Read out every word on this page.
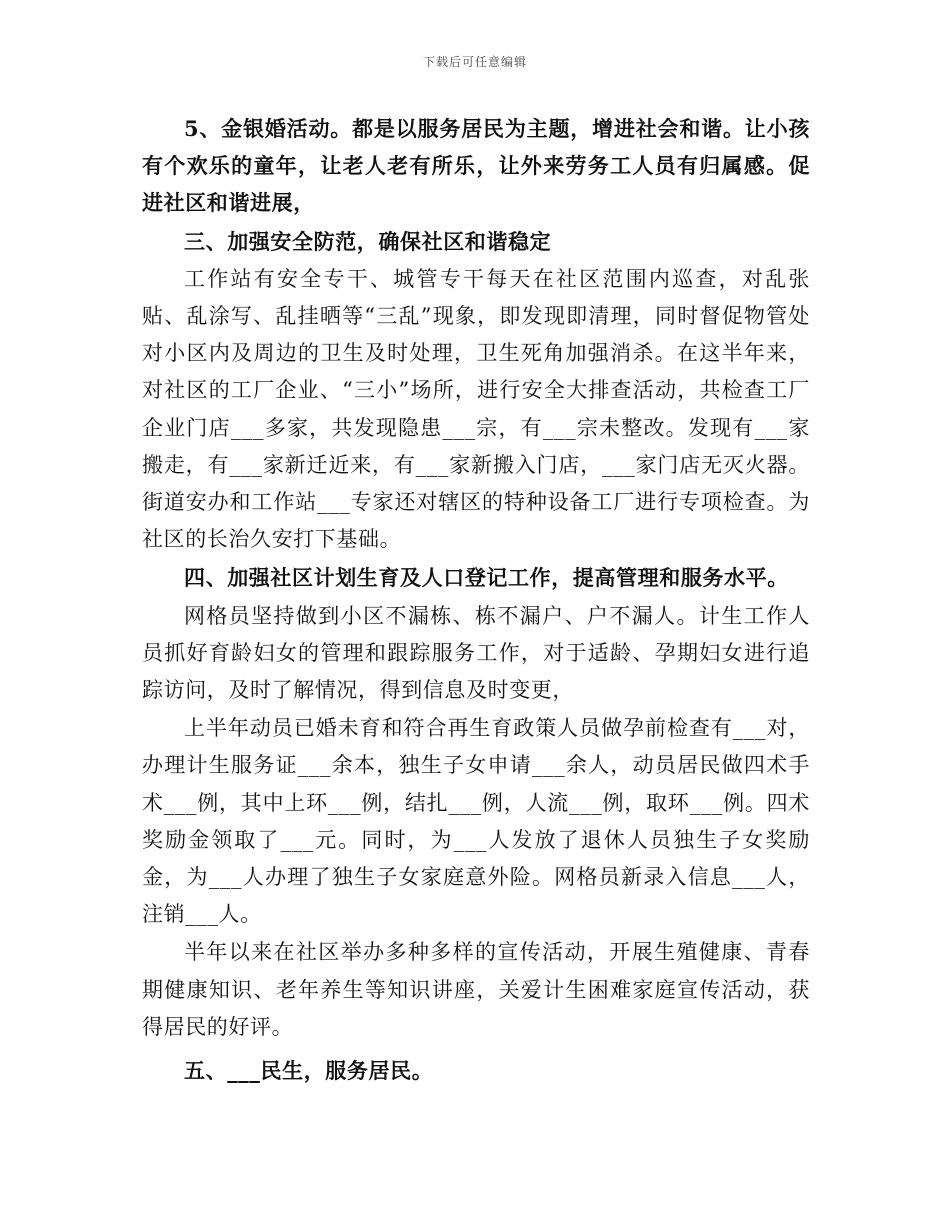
下载后可任意编辑

5、金银婚活动。都是以服务居民为主题，增进社会和谐。让小孩有个欢乐的童年，让老人老有所乐，让外来劳务工人员有归属感。促进社区和谐进展，

三、加强安全防范，确保社区和谐稳定

工作站有安全专干、城管专干每天在社区范围内巡查，对乱张贴、乱涂写、乱挂晒等“三乱”现象，即发现即清理，同时督促物管处对小区内及周边的卫生及时处理，卫生死角加强消杀。在这半年来，对社区的工厂企业、“三小”场所，进行安全大排查活动，共检查工厂企业门店___多家，共发现隐患___宗，有___宗未整改。发现有___家搬走，有___家新迁近来，有___家新搬入门店，___家门店无灭火器。街道安办和工作站___专家还对辖区的特种设备工厂进行专项检查。为社区的长治久安打下基础。

四、加强社区计划生育及人口登记工作，提高管理和服务水平。

网格员坚持做到小区不漏栋、栋不漏户、户不漏人。计生工作人员抓好育龄妇女的管理和跟踪服务工作，对于适龄、孕期妇女进行追踪访问，及时了解情况，得到信息及时变更，

上半年动员已婚未育和符合再生育政策人员做孕前检查有___对，办理计生服务证___余本，独生子女申请___余人，动员居民做四术手术___例，其中上环___例，结扎___例，人流___例，取环___例。四术奖励金领取了___元。同时，为___人发放了退休人员独生子女奖励金，为___人办理了独生子女家庭意外险。网格员新录入信息___人，注销___人。

半年以来在社区举办多种多样的宣传活动，开展生殖健康、青春期健康知识、老年养生等知识讲座，关爱计生困难家庭宣传活动，获得居民的好评。

五、___民生，服务居民。
